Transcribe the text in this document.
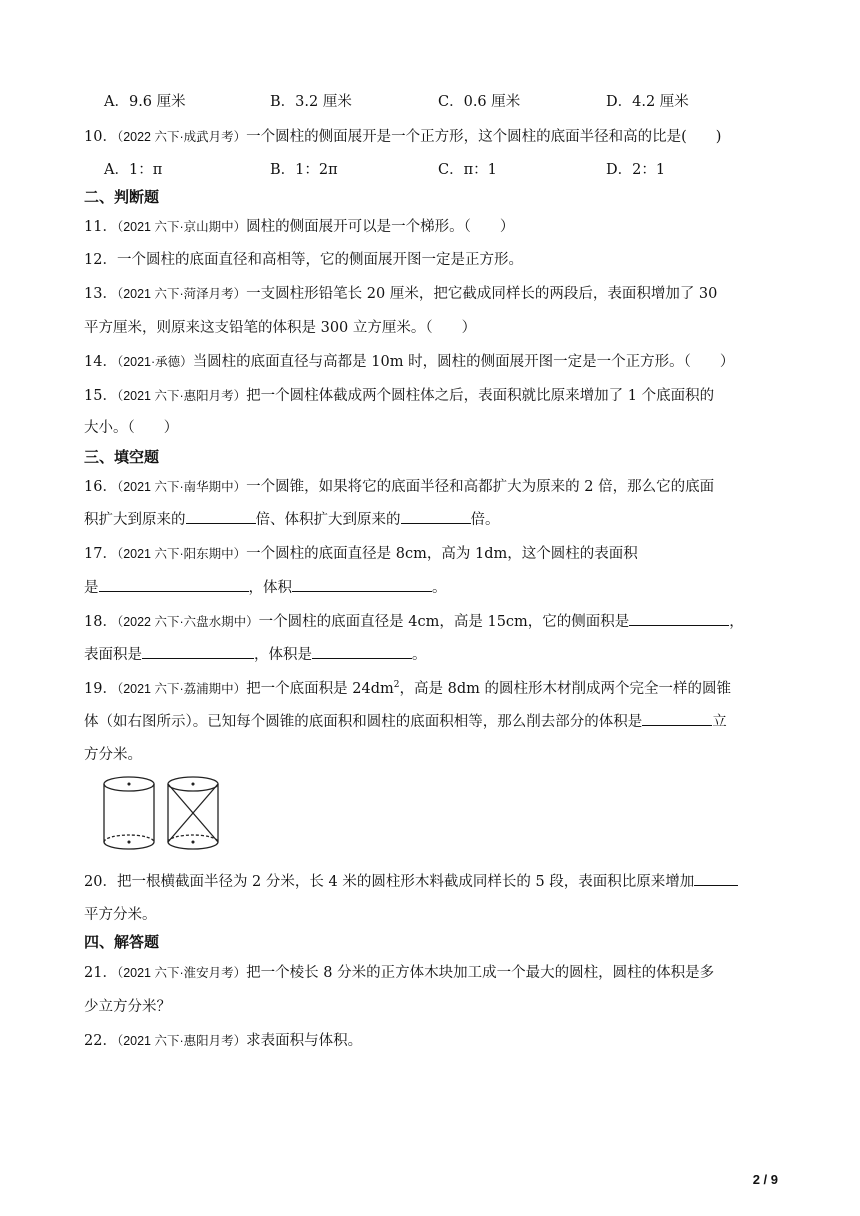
A．9.6 厘米	B．3.2 厘米	C．0.6 厘米	D．4.2 厘米
10．（2022 六下·成武月考）一个圆柱的侧面展开是一个正方形，这个圆柱的底面半径和高的比是(　　)
A．1：π	B．1：2π	C．π：1	D．2：1
二、判断题
11．（2021 六下·京山期中）圆柱的侧面展开可以是一个梯形。（　　）
12．一个圆柱的底面直径和高相等，它的侧面展开图一定是正方形。
13．（2021 六下·菏泽月考）一支圆柱形铅笔长 20 厘米，把它截成同样长的两段后，表面积增加了 30
平方厘米，则原来这支铅笔的体积是 300 立方厘米。（　　）
14．（2021·承德）当圆柱的底面直径与高都是 10m 时，圆柱的侧面展开图一定是一个正方形。（　　）
15．（2021 六下·惠阳月考）把一个圆柱体截成两个圆柱体之后，表面积就比原来增加了 1 个底面积的
大小。（　　）
三、填空题
16．（2021 六下·南华期中）一个圆锥，如果将它的底面半径和高都扩大为原来的 2 倍，那么它的底面
积扩大到原来的	倍、体积扩大到原来的	倍。
17．（2021 六下·阳东期中）一个圆柱的底面直径是 8cm，高为 1dm，这个圆柱的表面积
是	，体积	。
18．（2022 六下·六盘水期中）一个圆柱的底面直径是 4cm，高是 15cm，它的侧面积是	，
表面积是	，体积是	。
19．（2021 六下·荔浦期中）把一个底面积是 $24dm^2$，高是 8dm 的圆柱形木材削成两个完全一样的圆锥
体（如右图所示）。已知每个圆锥的底面积和圆柱的底面积相等，那么削去部分的体积是	立
方分米。
20．把一根横截面半径为 2 分米，长 4 米的圆柱形木料截成同样长的 5 段，表面积比原来增加
平方分米。
四、解答题
21．（2021 六下·淮安月考）把一个棱长 8 分米的正方体木块加工成一个最大的圆柱，圆柱的体积是多
少立方分米？
22．（2021 六下·惠阳月考）求表面积与体积。
2 / 9
